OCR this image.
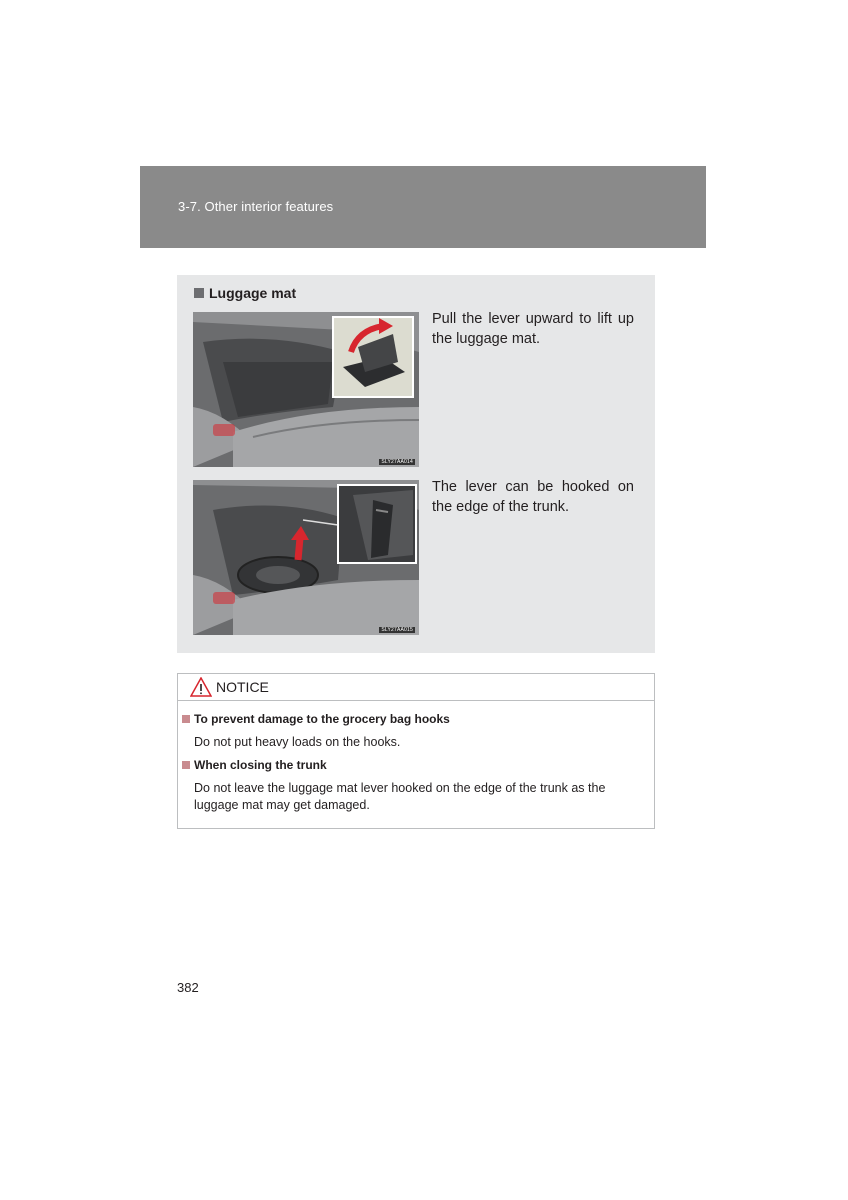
3-7. Other interior features
Luggage mat
SLY27AA014
Pull the lever upward to lift up the luggage mat.
SLY27AA015
The lever can be hooked on the edge of the trunk.
NOTICE
To prevent damage to the grocery bag hooks
Do not put heavy loads on the hooks.
When closing the trunk
Do not leave the luggage mat lever hooked on the edge of the trunk as the luggage mat may get damaged.
382
